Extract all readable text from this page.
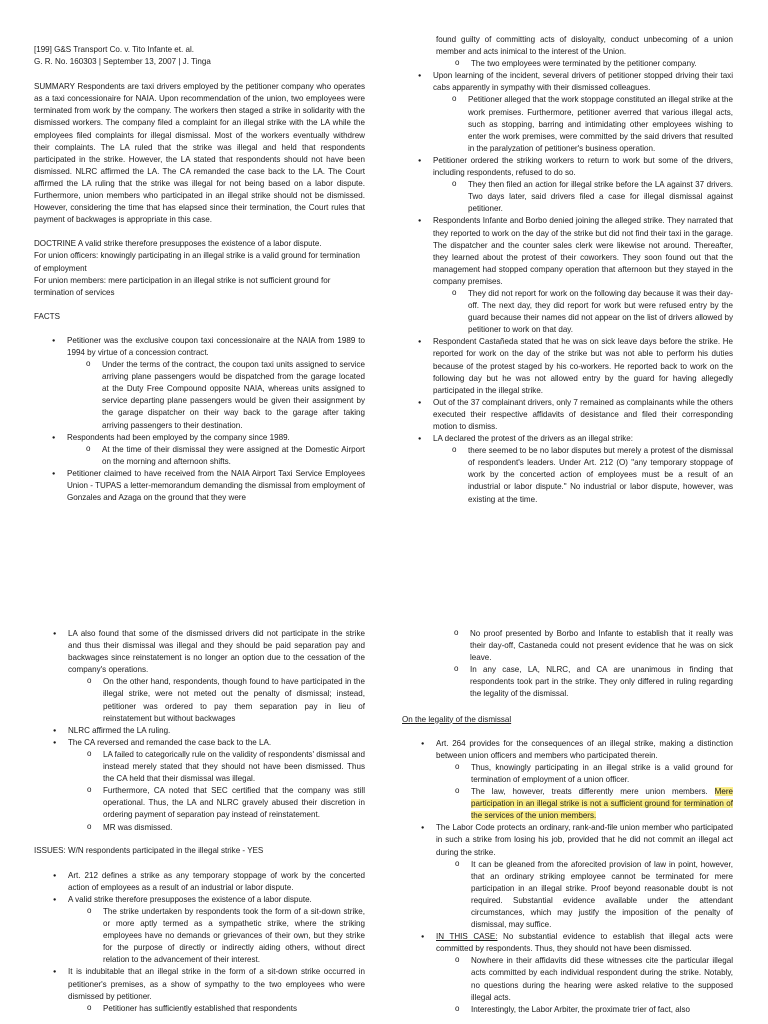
[199] G&S Transport Co. v. Tito Infante et. al.

G. R. No. 160303 | September 13, 2007 | J. Tinga

SUMMARY Respondents are taxi drivers employed by the petitioner company who operates as a taxi concessionaire for NAIA. Upon recommendation of the union, two employees were terminated from work by the company. The workers then staged a strike in solidarity with the dismissed workers. The company filed a complaint for an illegal strike with the LA while the employees filed complaints for illegal dismissal. Most of the workers eventually withdrew their complaints. The LA ruled that the strike was illegal and held that respondents participated in the strike. However, the LA stated that respondents should not have been dismissed. NLRC affirmed the LA. The CA remanded the case back to the LA. The Court affirmed the LA ruling that the strike was illegal for not being based on a labor dispute. Furthermore, union members who participated in an illegal strike should not be dismissed. However, considering the time that has elapsed since their termination, the Court rules that payment of backwages is appropriate in this case.

DOCTRINE A valid strike therefore presupposes the existence of a labor dispute.

For union officers: knowingly participating in an illegal strike is a valid ground for termination of employment

For union members: mere participation in an illegal strike is not sufficient ground for termination of services

FACTS

● Petitioner was the exclusive coupon taxi concessionaire at the NAIA from 1989 to 1994 by virtue of a concession contract.
o Under the terms of the contract, the coupon taxi units assigned to service arriving plane passengers would be dispatched from the garage located at the Duty Free Compound opposite NAIA, whereas units assigned to service departing plane passengers would be given their assignment by the garage dispatcher on their way back to the garage after taking arriving passengers to their destination.
● Respondents had been employed by the company since 1989.
o At the time of their dismissal they were assigned at the Domestic Airport on the morning and afternoon shifts.
● Petitioner claimed to have received from the NAIA Airport Taxi Service Employees Union - TUPAS a letter-memorandum demanding the dismissal from employment of Gonzales and Azaga on the ground that they were

found guilty of committing acts of disloyalty, conduct unbecoming of a union member and acts inimical to the interest of the Union.

o The two employees were terminated by the petitioner company.
● Upon learning of the incident, several drivers of petitioner stopped driving their taxi cabs apparently in sympathy with their dismissed colleagues.
o Petitioner alleged that the work stoppage constituted an illegal strike at the work premises. Furthermore, petitioner averred that various illegal acts, such as stopping, barring and intimidating other employees wishing to enter the work premises, were committed by the said drivers that resulted in the paralyzation of petitioner's business operation.
● Petitioner ordered the striking workers to return to work but some of the drivers, including respondents, refused to do so.
o They then filed an action for illegal strike before the LA against 37 drivers. Two days later, said drivers filed a case for illegal dismissal against petitioner.
● Respondents Infante and Borbo denied joining the alleged strike. They narrated that they reported to work on the day of the strike but did not find their taxi in the garage. The dispatcher and the counter sales clerk were likewise not around. Thereafter, they learned about the protest of their coworkers. They soon found out that the management had stopped company operation that afternoon but they stayed in the company premises.
o They did not report for work on the following day because it was their day-off. The next day, they did report for work but were refused entry by the guard because their names did not appear on the list of drivers allowed by petitioner to work on that day.
● Respondent Castañeda stated that he was on sick leave days before the strike. He reported for work on the day of the strike but was not able to perform his duties because of the protest staged by his co-workers. He reported back to work on the following day but he was not allowed entry by the guard for having allegedly participated in the illegal strike.
● Out of the 37 complainant drivers, only 7 remained as complainants while the others executed their respective affidavits of desistance and filed their corresponding motion to dismiss.
● LA declared the protest of the drivers as an illegal strike:
o there seemed to be no labor disputes but merely a protest of the dismissal of respondent's leaders. Under Art. 212 (O) "any temporary stoppage of work by the concerted action of employees must be a result of an industrial or labor dispute." No industrial or labor dispute, however, was existing at the time.
● LA also found that some of the dismissed drivers did not participate in the strike and thus their dismissal was illegal and they should be paid separation pay and backwages since reinstatement is no longer an option due to the cessation of the company's operations.
o On the other hand, respondents, though found to have participated in the illegal strike, were not meted out the penalty of dismissal; instead, petitioner was ordered to pay them separation pay in lieu of reinstatement but without backwages
● NLRC affirmed the LA ruling.
● The CA reversed and remanded the case back to the LA.
o LA failed to categorically rule on the validity of respondents' dismissal and instead merely stated that they should not have been dismissed. Thus the CA held that their dismissal was illegal.
o Furthermore, CA noted that SEC certified that the company was still operational. Thus, the LA and NLRC gravely abused their discretion in ordering payment of separation pay instead of reinstatement.
o MR was dismissed.

ISSUES: W/N respondents participated in the illegal strike - YES

● Art. 212 defines a strike as any temporary stoppage of work by the concerted action of employees as a result of an industrial or labor dispute.
● A valid strike therefore presupposes the existence of a labor dispute.
o The strike undertaken by respondents took the form of a sit-down strike, or more aptly termed as a sympathetic strike, where the striking employees have no demands or grievances of their own, but they strike for the purpose of directly or indirectly aiding others, without direct relation to the advancement of their interest.
● It is indubitable that an illegal strike in the form of a sit-down strike occurred in petitioner's premises, as a show of sympathy to the two employees who were dismissed by petitioner.
o Petitioner has sufficiently established that respondents
o No proof presented by Borbo and Infante to establish that it really was their day-off, Castaneda could not present evidence that he was on sick leave.
o In any case, LA, NLRC, and CA are unanimous in finding that respondents took part in the strike. They only differed in ruling regarding the legality of the dismissal.

On the legality of the dismissal

● Art. 264 provides for the consequences of an illegal strike, making a distinction between union officers and members who participated therein.
o Thus, knowingly participating in an illegal strike is a valid ground for termination of employment of a union officer.
o The law, however, treats differently mere union members. Mere participation in an illegal strike is not a sufficient ground for termination of the services of the union members.
● The Labor Code protects an ordinary, rank-and-file union member who participated in such a strike from losing his job, provided that he did not commit an illegal act during the strike.
o It can be gleaned from the aforecited provision of law in point, however, that an ordinary striking employee cannot be terminated for mere participation in an illegal strike. Proof beyond reasonable doubt is not required. Substantial evidence available under the attendant circumstances, which may justify the imposition of the penalty of dismissal, may suffice.
● IN THIS CASE: No substantial evidence to establish that illegal acts were committed by respondents. Thus, they should not have been dismissed.
o Nowhere in their affidavits did these witnesses cite the particular illegal acts committed by each individual respondent during the strike. Notably, no questions during the hearing were asked relative to the supposed illegal acts.
o Interestingly, the Labor Arbiter, the proximate trier of fact, also
